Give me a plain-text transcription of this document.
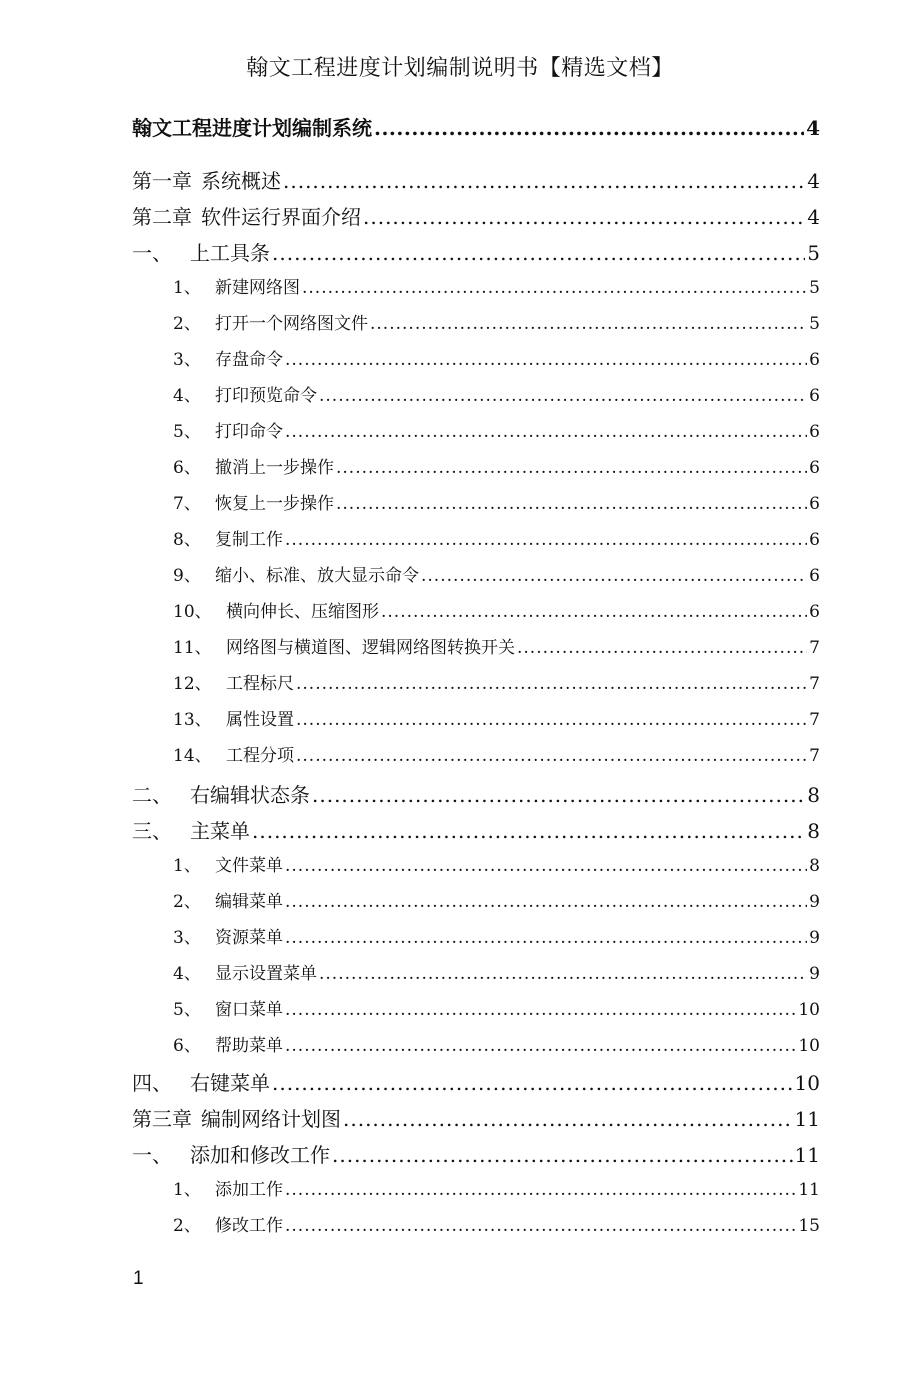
翰文工程进度计划编制说明书【精选文档】
翰文工程进度计划编制系统 .....	4
第一章 系统概述 .....	4
第二章 软件运行界面介绍 .....	4
一、 上工具条 .....	5
1、 新建网络图 .....	5
2、 打开一个网络图文件 .....	5
3、 存盘命令 .....	6
4、 打印预览命令 .....	6
5、 打印命令 .....	6
6、 撤消上一步操作 .....	6
7、 恢复上一步操作 .....	6
8、 复制工作 .....	6
9、 缩小、标准、放大显示命令 .....	6
10、 横向伸长、压缩图形 .....	6
11、 网络图与横道图、逻辑网络图转换开关 .....	7
12、 工程标尺 .....	7
13、 属性设置 .....	7
14、 工程分项 .....	7
二、 右编辑状态条 .....	8
三、 主菜单 .....	8
1、 文件菜单 .....	8
2、 编辑菜单 .....	9
3、 资源菜单 .....	9
4、 显示设置菜单 .....	9
5、 窗口菜单 .....	10
6、 帮助菜单 .....	10
四、 右键菜单 .....	10
第三章 编制网络计划图 .....	11
一、 添加和修改工作 .....	11
1、 添加工作 .....	11
2、 修改工作 .....	15
1
